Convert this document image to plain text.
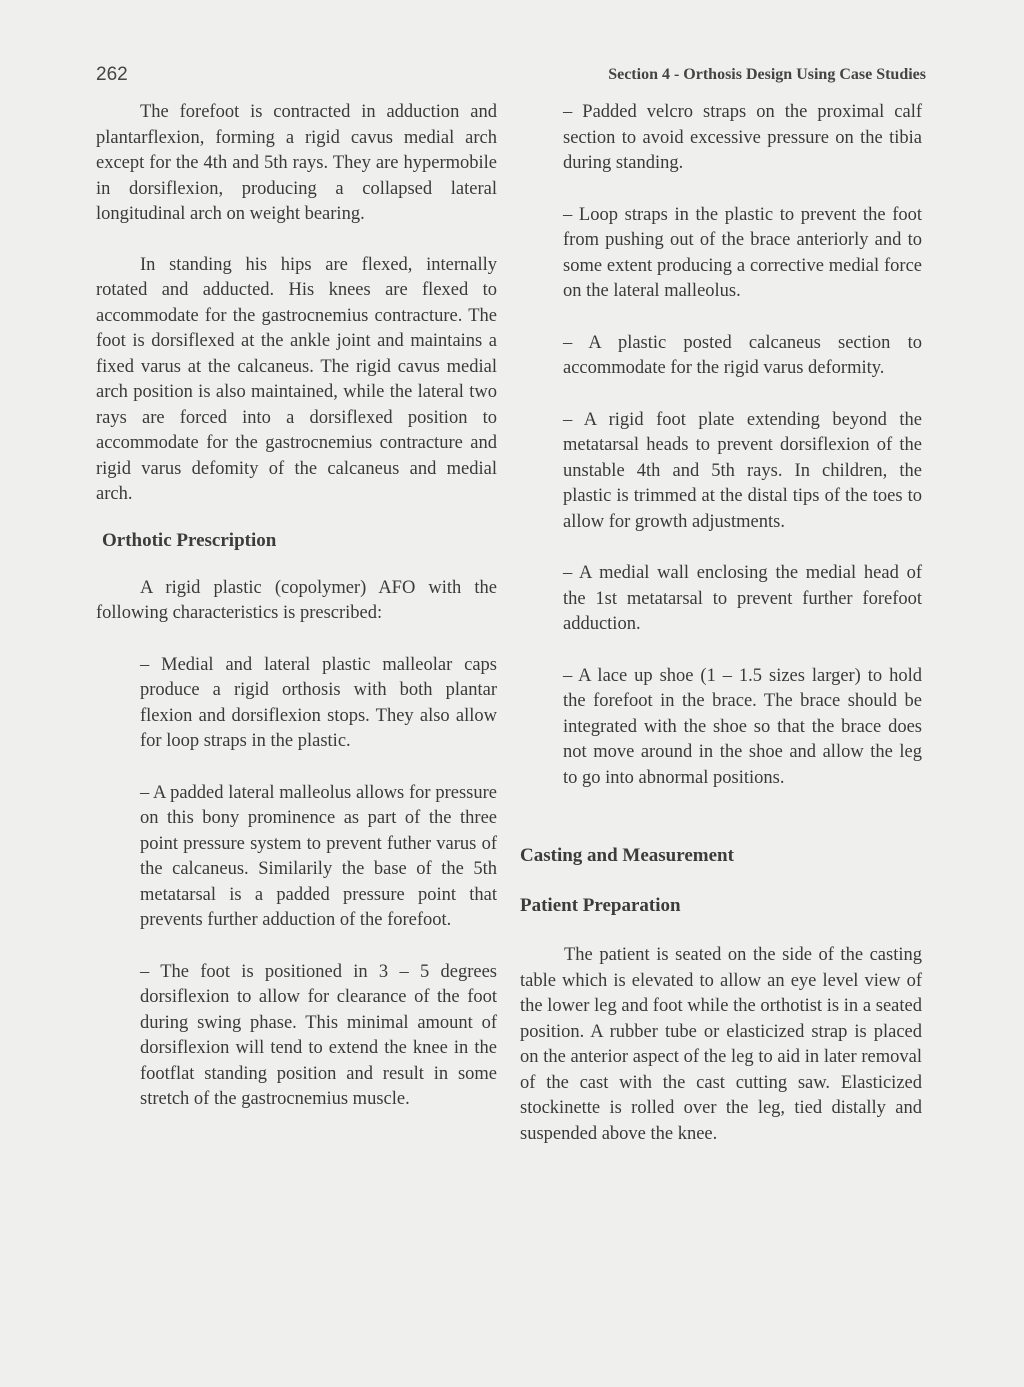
262	Section 4 - Orthosis Design Using Case Studies

The forefoot is contracted in adduction and plantarflexion, forming a rigid cavus medial arch except for the 4th and 5th rays. They are hypermobile in dorsiflexion, producing a collapsed lateral longitudinal arch on weight bearing.

In standing his hips are flexed, internally rotated and adducted. His knees are flexed to accommodate for the gastrocnemius contracture. The foot is dorsiflexed at the ankle joint and maintains a fixed varus at the calcaneus. The rigid cavus medial arch position is also maintained, while the lateral two rays are forced into a dorsiflexed position to accommodate for the gastrocnemius contracture and rigid varus defomity of the calcaneus and medial arch.

Orthotic Prescription

A rigid plastic (copolymer) AFO with the following characteristics is prescribed:

– Medial and lateral plastic malleolar caps produce a rigid orthosis with both plantar flexion and dorsiflexion stops. They also allow for loop straps in the plastic.

– A padded lateral malleolus allows for pressure on this bony prominence as part of the three point pressure system to prevent futher varus of the calcaneus. Similarily the base of the 5th metatarsal is a padded pressure point that prevents further adduction of the forefoot.

– The foot is positioned in 3 – 5 degrees dorsiflexion to allow for clearance of the foot during swing phase. This minimal amount of dorsiflexion will tend to extend the knee in the footflat standing position and result in some stretch of the gastrocnemius muscle.

– Padded velcro straps on the proximal calf section to avoid excessive pressure on the tibia during standing.

– Loop straps in the plastic to prevent the foot from pushing out of the brace anteriorly and to some extent producing a corrective medial force on the lateral malleolus.

– A plastic posted calcaneus section to accommodate for the rigid varus deformity.

– A rigid foot plate extending beyond the metatarsal heads to prevent dorsiflexion of the unstable 4th and 5th rays. In children, the plastic is trimmed at the distal tips of the toes to allow for growth adjustments.

– A medial wall enclosing the medial head of the 1st metatarsal to prevent further forefoot adduction.

– A lace up shoe (1 – 1.5 sizes larger) to hold the forefoot in the brace. The brace should be integrated with the shoe so that the brace does not move around in the shoe and allow the leg to go into abnormal positions.

Casting and Measurement
Patient Preparation

The patient is seated on the side of the casting table which is elevated to allow an eye level view of the lower leg and foot while the orthotist is in a seated position. A rubber tube or elasticized strap is placed on the anterior aspect of the leg to aid in later removal of the cast with the cast cutting saw. Elasticized stockinette is rolled over the leg, tied distally and suspended above the knee.
